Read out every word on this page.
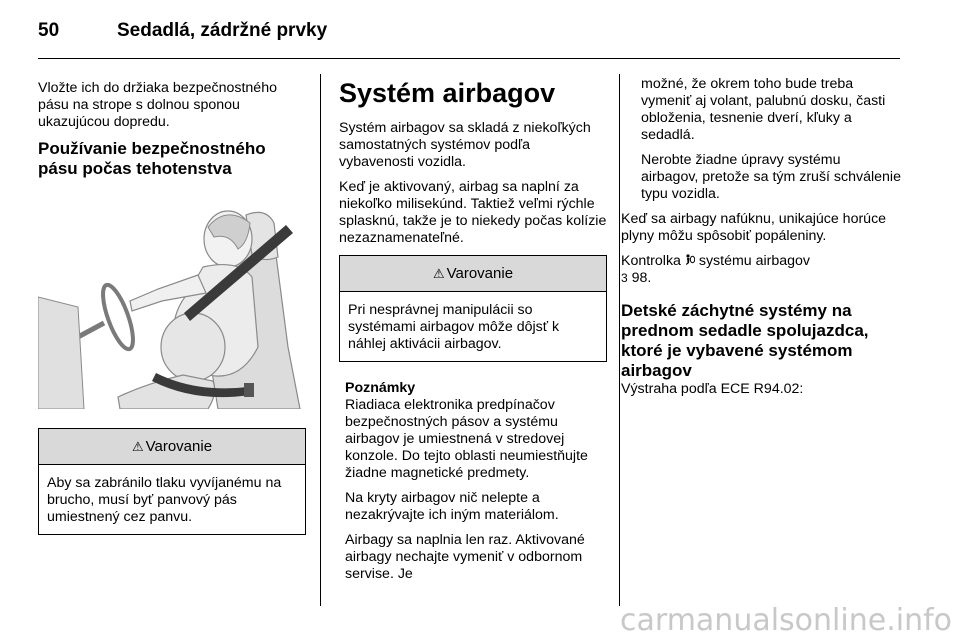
50	Sedadlá, zádržné prvky

Vložte ich do držiaka bezpečnostného pásu na strope s dolnou sponou ukazujúcou dopredu.

Používanie bezpečnostného pásu počas tehotenstva
⚠ Varovanie
Aby sa zabránilo tlaku vyvíjanému na brucho, musí byť panvový pás umiestnený cez panvu.
Systém airbagov

Systém airbagov sa skladá z niekoľkých samostatných systémov podľa vybavenosti vozidla.

Keď je aktivovaný, airbag sa naplní za niekoľko milisekúnd. Taktiež veľmi rýchle splasknú, takže je to niekedy počas kolízie nezaznamenateľné.

⚠ Varovanie
Pri nesprávnej manipulácii so systémami airbagov môže dôjsť k náhlej aktivácii airbagov.
Poznámky

Riadiaca elektronika predpínačov bezpečnostných pásov a systému airbagov je umiestnená v stredovej konzole. Do tejto oblasti neumiestňujte žiadne magnetické predmety.

Na kryty airbagov nič nelepte a nezakrývajte ich iným materiálom.

Airbagy sa naplnia len raz. Aktivované airbagy nechajte vymeniť v odbornom servise. Je

možné, že okrem toho bude treba vymeniť aj volant, palubnú dosku, časti obloženia, tesnenie dverí, kľuky a sedadlá.

Nerobte žiadne úpravy systému airbagov, pretože sa tým zruší schválenie typu vozidla.

Keď sa airbagy nafúknu, unikajúce horúce plyny môžu spôsobiť popáleniny.

Kontrolka systému airbagov
3 98.

Detské záchytné systémy na prednom sedadle spolujazdca, ktoré je vybavené systémom airbagov

Výstraha podľa ECE R94.02:

carmanualsonline.info
